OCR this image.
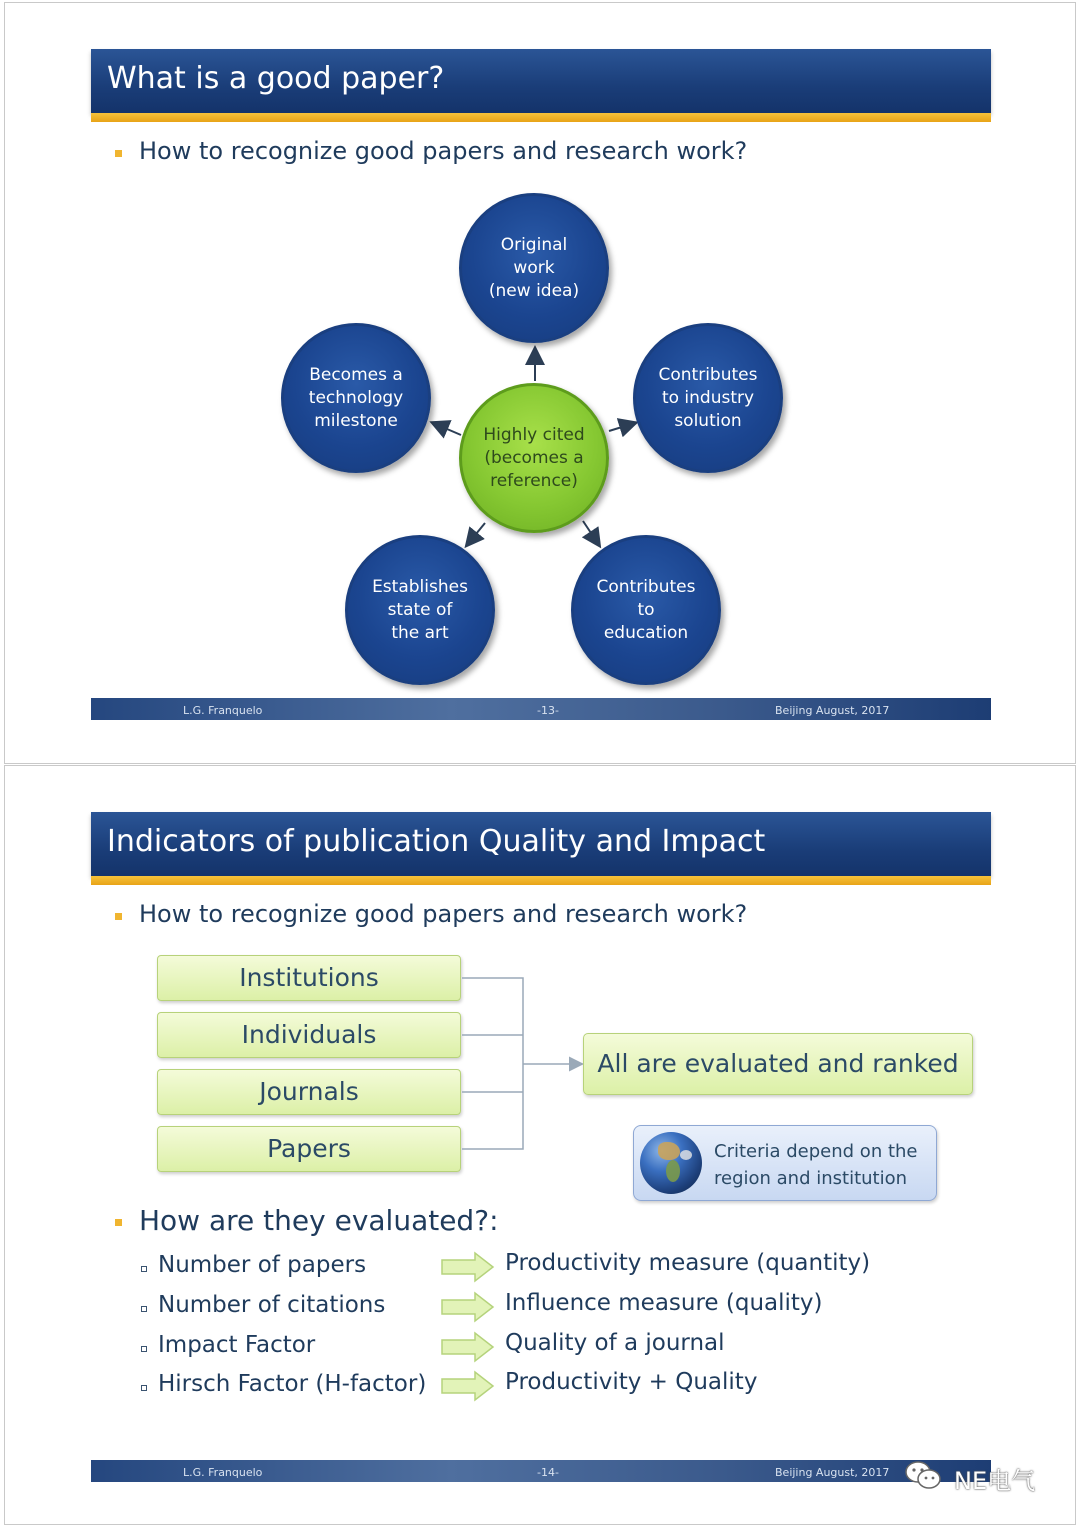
What is a good paper?
How to recognize good papers and research work?
Original
work
(new idea)
Becomes a
technology
milestone
Contributes
to industry
solution
Highly cited
(becomes a
reference)
Establishes
state of
the art
Contributes
to
education
L.G. Franquelo	-13-	Beijing August, 2017
Indicators of publication Quality and Impact
How to recognize good papers and research work?
Institutions
Individuals
Journals
Papers
All are evaluated and ranked
Criteria depend on the
region and institution
How are they evaluated?:
Number of papers	Productivity measure (quantity)
Number of citations	Influence measure (quality)
Impact Factor	Quality of a journal
Hirsch Factor (H-factor)	Productivity + Quality
L.G. Franquelo	-14-	Beijing August, 2017	NE电气
